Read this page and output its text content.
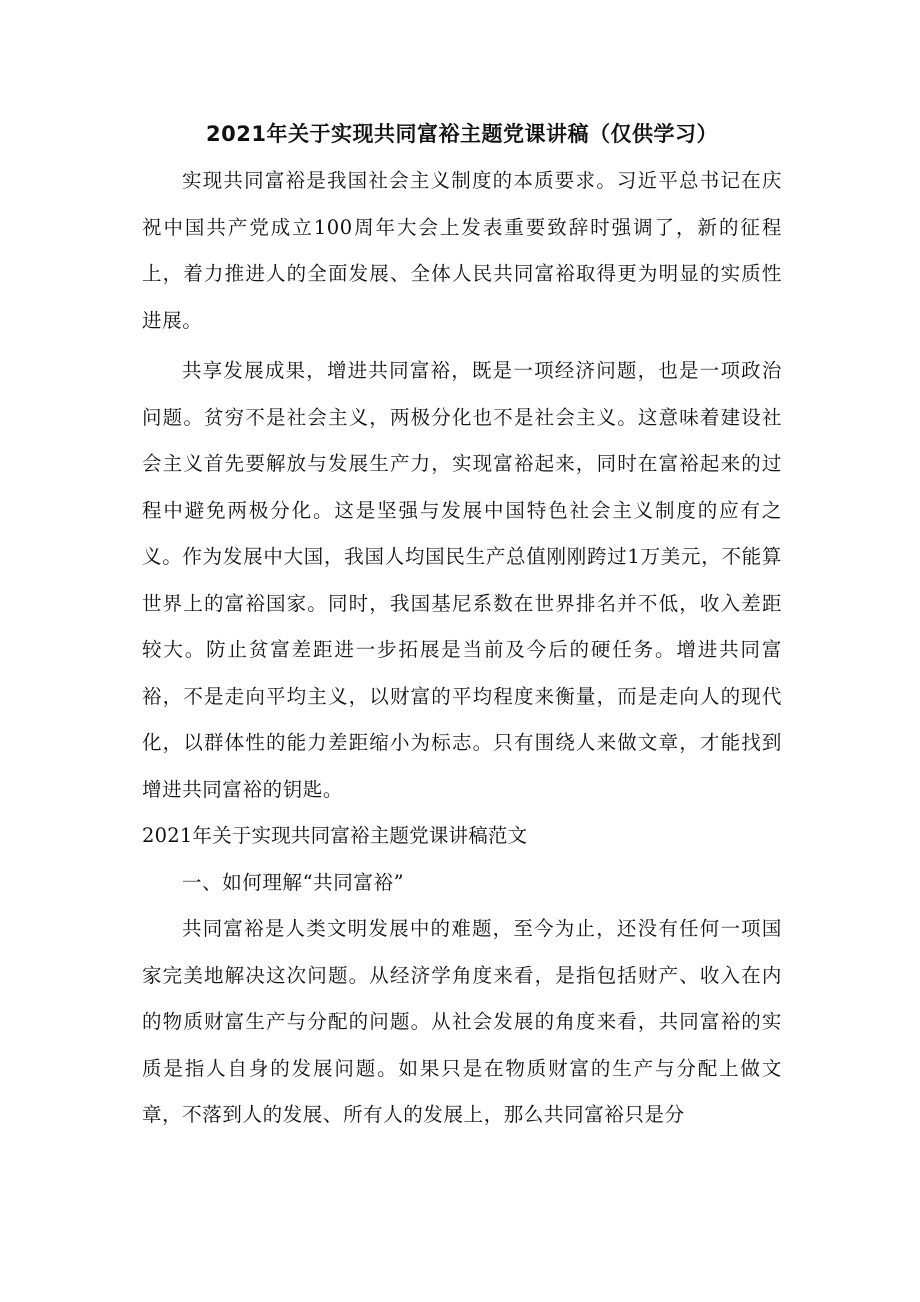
2021年关于实现共同富裕主题党课讲稿（仅供学习）

实现共同富裕是我国社会主义制度的本质要求。习近平总书记在庆祝中国共产党成立100周年大会上发表重要致辞时强调了，新的征程上，着力推进人的全面发展、全体人民共同富裕取得更为明显的实质性进展。

共享发展成果，增进共同富裕，既是一项经济问题，也是一项政治问题。贫穷不是社会主义，两极分化也不是社会主义。这意味着建设社会主义首先要解放与发展生产力，实现富裕起来，同时在富裕起来的过程中避免两极分化。这是坚强与发展中国特色社会主义制度的应有之义。作为发展中大国，我国人均国民生产总值刚刚跨过1万美元，不能算世界上的富裕国家。同时，我国基尼系数在世界排名并不低，收入差距较大。防止贫富差距进一步拓展是当前及今后的硬任务。增进共同富裕，不是走向平均主义，以财富的平均程度来衡量，而是走向人的现代化，以群体性的能力差距缩小为标志。只有围绕人来做文章，才能找到增进共同富裕的钥匙。

2021年关于实现共同富裕主题党课讲稿范文

一、如何理解“共同富裕”

共同富裕是人类文明发展中的难题，至今为止，还没有任何一项国家完美地解决这次问题。从经济学角度来看，是指包括财产、收入在内的物质财富生产与分配的问题。从社会发展的角度来看，共同富裕的实质是指人自身的发展问题。如果只是在物质财富的生产与分配上做文章，不落到人的发展、所有人的发展上，那么共同富裕只是分
